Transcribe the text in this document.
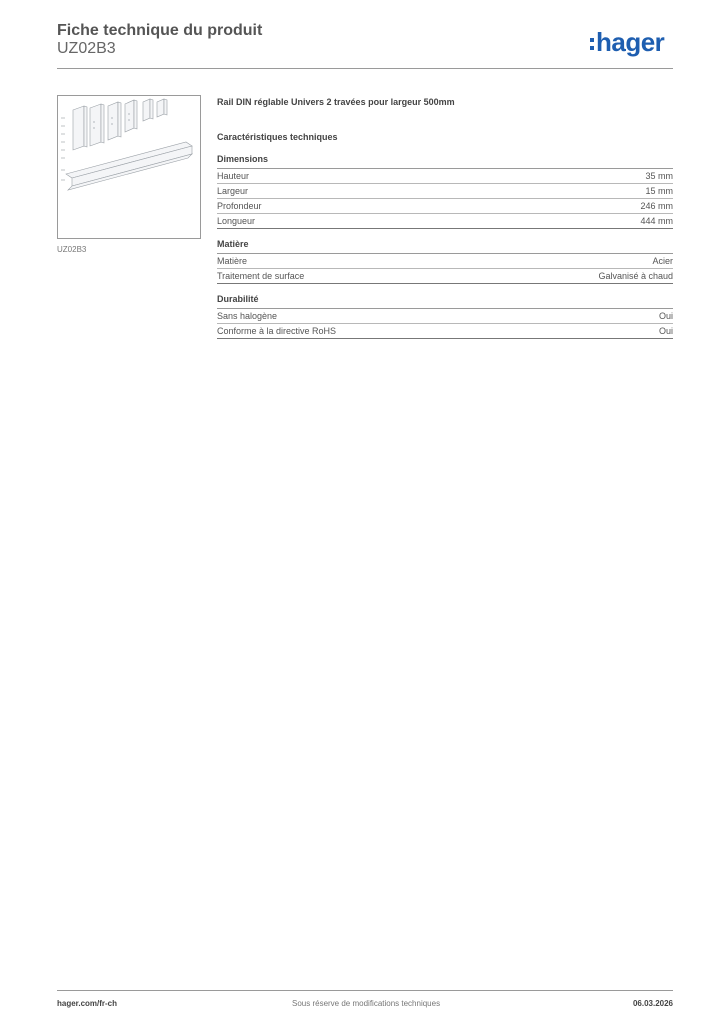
Fiche technique du produit
UZ02B3	hager
UZ02B3

Rail DIN réglable Univers 2 travées pour largeur 500mm

Caractéristiques techniques

Dimensions
Hauteur	35 mm
Largeur	15 mm
Profondeur	246 mm
Longueur	444 mm
Matière
Matière	Acier
Traitement de surface	Galvanisé à chaud
Durabilité
Sans halogène	Oui
Conforme à la directive RoHS	Oui
hager.com/fr-ch	Sous réserve de modifications techniques	06.03.2026
